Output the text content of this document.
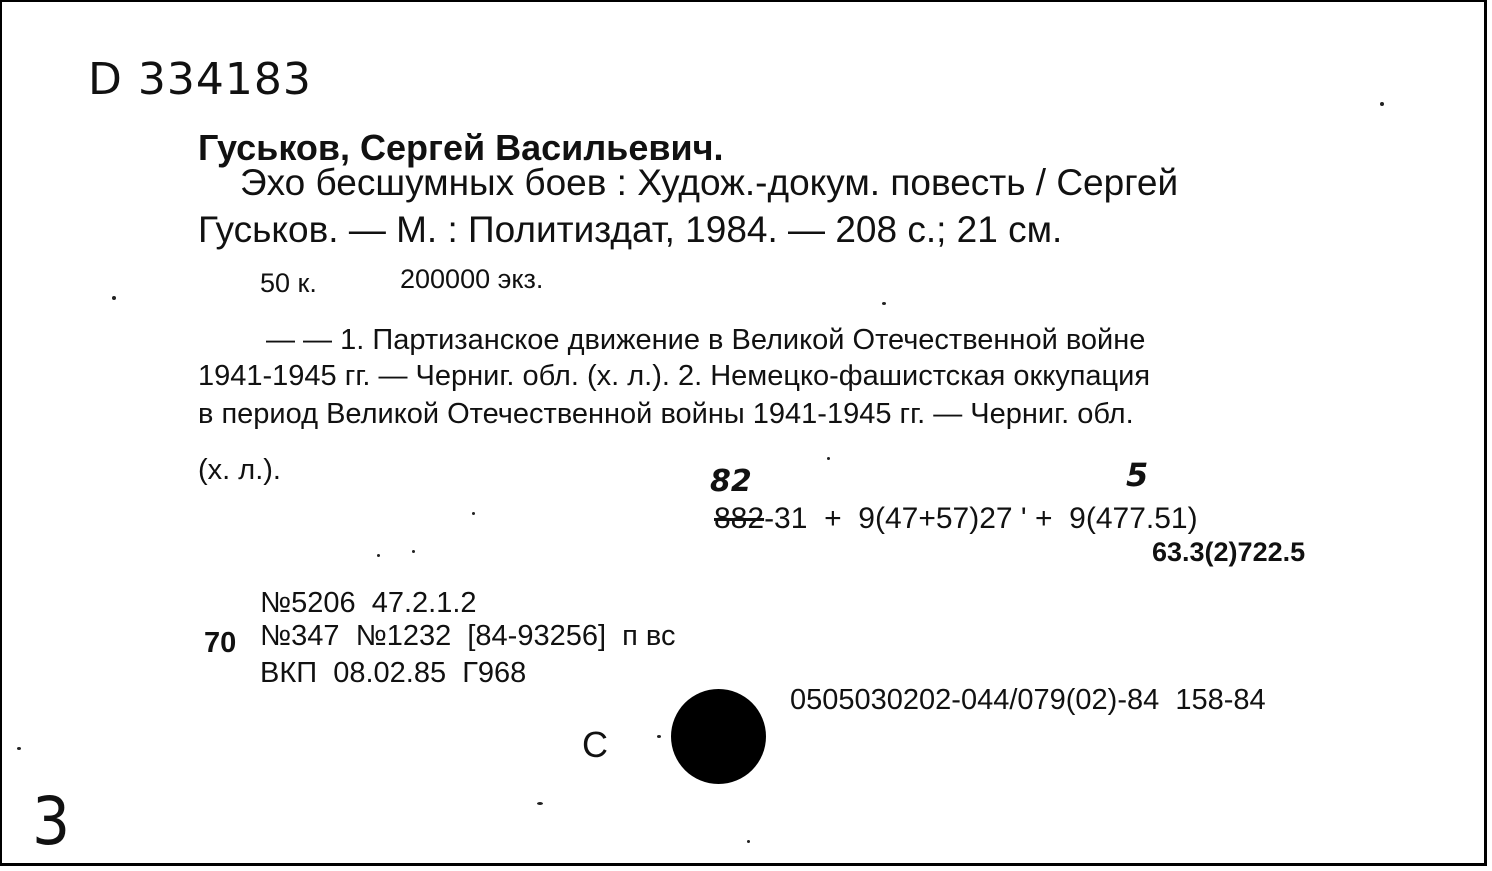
D 334183
Гуськов, Сергей Васильевич.
Эхо бесшумных боев : Худож.-докум. повесть / Сергей
Гуськов. — М. : Политиздат, 1984. — 208 с.; 21 см.
50 к.	200000 экз.
— — 1. Партизанское движение в Великой Отечественной войне
1941-1945 гг. — Черниг. обл. (х. л.). 2. Немецко-фашистская оккупация
в период Великой Отечественной войны 1941-1945 гг. — Черниг. обл.
(х. л.).	82	5
882-31  +  9(47+57)27 ' +  9(477.51)
63.3(2)722.5
№5206  47.2.1.2
70 №347  №1232  [84-93256]  п вс
ВКП  08.02.85  Г968
0505030202-044/079(02)-84  158-84
С
3
